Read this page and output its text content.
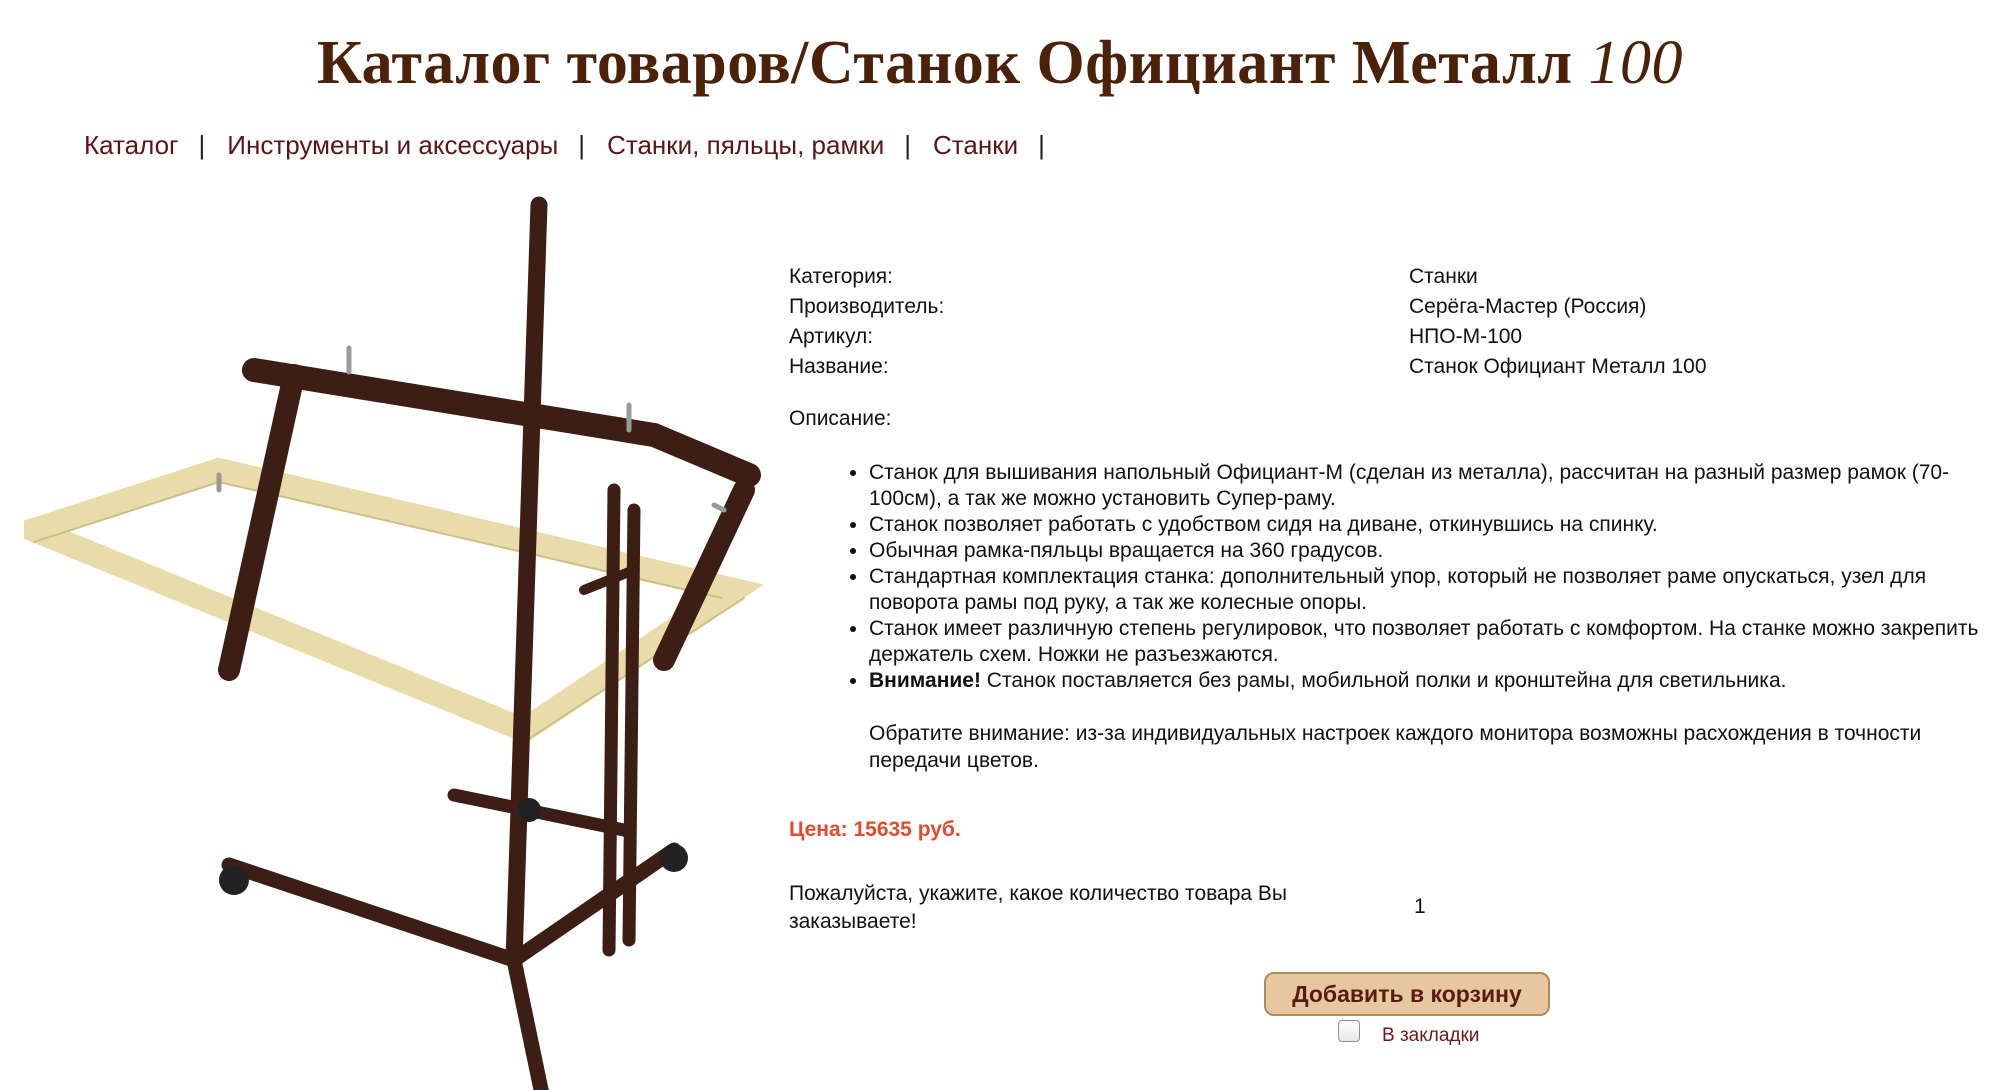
Каталог товаров/Станок Официант Металл 100
Каталог | Инструменты и аксессуары | Станки, пяльцы, рамки | Станки |
Категория:	Станки
Производитель:	Серёга-Мастер (Россия)
Артикул:	НПО-М-100
Название:	Станок Официант Металл 100
Описание:
• Станок для вышивания напольный Официант-М (сделан из металла), рассчитан на разный размер рамок (70-100см), а так же можно установить Супер-раму.
• Станок позволяет работать с удобством сидя на диване, откинувшись на спинку.
• Обычная рамка-пяльцы вращается на 360 градусов.
• Стандартная комплектация станка: дополнительный упор, который не позволяет раме опускаться, узел для поворота рамы под руку, а так же колесные опоры.
• Станок имеет различную степень регулировок, что позволяет работать с комфортом. На станке можно закрепить держатель схем. Ножки не разъезжаются.
• Внимание! Станок поставляется без рамы, мобильной полки и кронштейна для светильника.
Обратите внимание: из-за индивидуальных настроек каждого монитора возможны расхождения в точности передачи цветов.
Цена: 15635 руб.
Пожалуйста, укажите, какое количество товара Вы заказываете!
1
Добавить в корзину
В закладки
